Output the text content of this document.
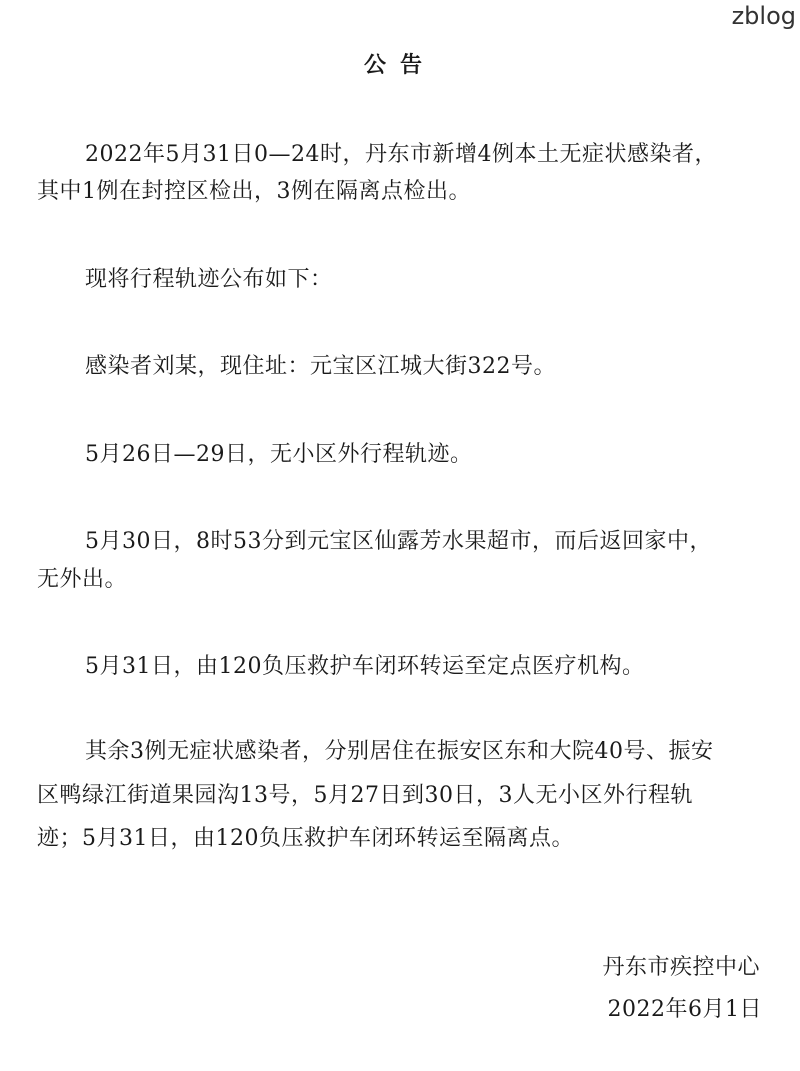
zblog
公告
2022年5月31日0—24时，丹东市新增4例本土无症状感染者，
其中1例在封控区检出，3例在隔离点检出。
现将行程轨迹公布如下：
感染者刘某，现住址：元宝区江城大街322号。
5月26日—29日，无小区外行程轨迹。
5月30日，8时53分到元宝区仙露芳水果超市，而后返回家中，
无外出。
5月31日，由120负压救护车闭环转运至定点医疗机构。
其余3例无症状感染者，分别居住在振安区东和大院40号、振安
区鸭绿江街道果园沟13号，5月27日到30日，3人无小区外行程轨
迹；5月31日，由120负压救护车闭环转运至隔离点。
丹东市疾控中心
2022年6月1日
